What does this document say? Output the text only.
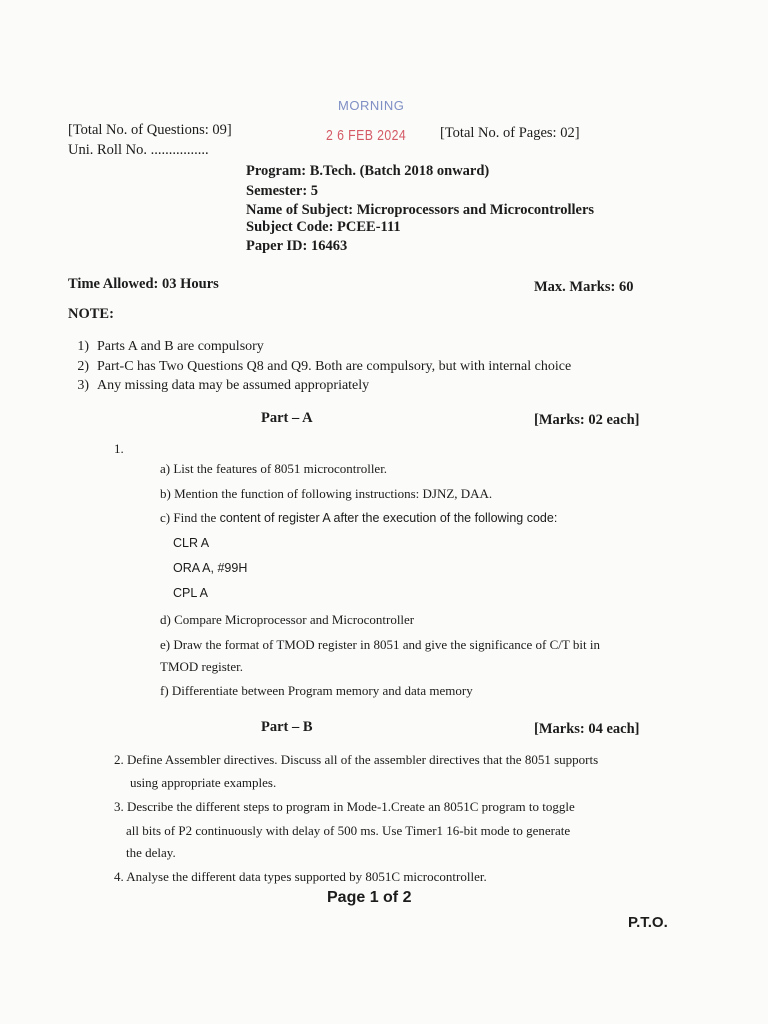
MORNING
2 6 FEB 2024
[Total No. of Questions: 09]	[Total No. of Pages: 02]
Uni. Roll No. ................
Program: B.Tech. (Batch 2018 onward)
Semester: 5
Name of Subject: Microprocessors and Microcontrollers
Subject Code: PCEE-111
Paper ID: 16463
Time Allowed: 03 Hours	Max. Marks: 60
NOTE:
1) Parts A and B are compulsory
2) Part-C has Two Questions Q8 and Q9. Both are compulsory, but with internal choice
3) Any missing data may be assumed appropriately
Part – A	[Marks: 02 each]
1.
a) List the features of 8051 microcontroller.
b) Mention the function of following instructions: DJNZ, DAA.
c) Find the content of register A after the execution of the following code:
CLR A
ORA A, #99H
CPL A
d) Compare Microprocessor and Microcontroller
e) Draw the format of TMOD register in 8051 and give the significance of C/T bit in
TMOD register.
f) Differentiate between Program memory and data memory
Part – B	[Marks: 04 each]
2. Define Assembler directives. Discuss all of the assembler directives that the 8051 supports
using appropriate examples.
3. Describe the different steps to program in Mode-1.Create an 8051C program to toggle
all bits of P2 continuously with delay of 500 ms. Use Timer1 16-bit mode to generate
the delay.
4. Analyse the different data types supported by 8051C microcontroller.
Page 1 of 2
P.T.O.
